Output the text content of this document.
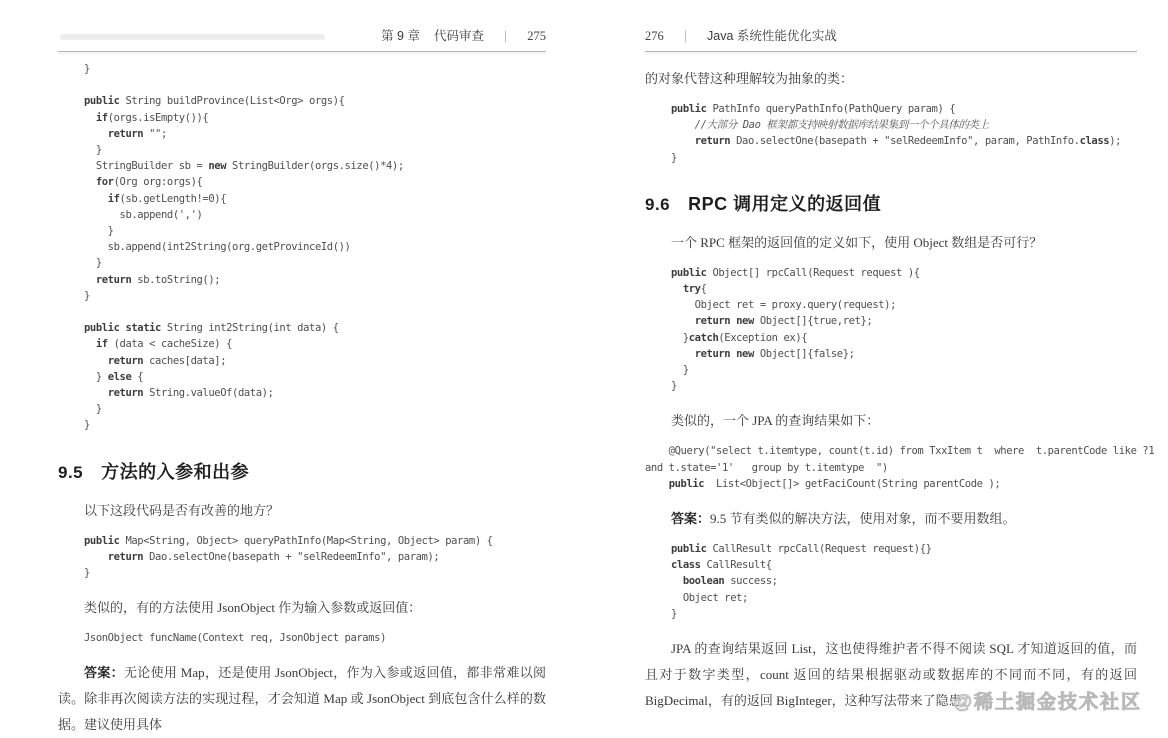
第 9 章 代码审查 | 275
}

public String buildProvince(List<Org> orgs){
if(orgs.isEmpty()){
return "";
}
StringBuilder sb = new StringBuilder(orgs.size()*4);
for(Org org:orgs){
if(sb.getLength!=0){
sb.append(',')
}
sb.append(int2String(org.getProvinceId())
}
return sb.toString();
}

public static String int2String(int data) {
if (data < cacheSize) {
return caches[data];
} else {
return String.valueOf(data);
}
}
9.5 方法的入参和出参

以下这段代码是否有改善的地方？

public Map<String, Object> queryPathInfo(Map<String, Object> param) {
return Dao.selectOne(basepath + "selRedeemInfo", param);
}

类似的，有的方法使用 JsonObject 作为输入参数或返回值：

JsonObject funcName(Context req, JsonObject params)

答案：无论使用 Map，还是使用 JsonObject，作为入参或返回值，都非常难以阅读。除非再次阅读方法的实现过程，才会知道 Map 或 JsonObject 到底包含什么样的数据。建议使用具体

276 | Java 系统性能优化实战

的对象代替这种理解较为抽象的类：

public PathInfo queryPathInfo(PathQuery param) {
//大部分 Dao 框架都支持映射数据库结果集到一个个具体的类上
return Dao.selectOne(basepath + "selRedeemInfo", param, PathInfo.class);
}
9.6 RPC 调用定义的返回值

一个 RPC 框架的返回值的定义如下，使用 Object 数组是否可行？

public Object[] rpcCall(Request request ){
try{
Object ret = proxy.query(request);
return new Object[]{true,ret};
}catch(Exception ex){
return new Object[]{false};
}
}

类似的，一个 JPA 的查询结果如下：

@Query("select t.itemtype, count(t.id) from TxxItem t  where  t.parentCode like ?1
and t.state='1'   group by t.itemtype  ")
public  List<Object[]> getFaciCount(String parentCode );

答案：9.5 节有类似的解决方法，使用对象，而不要用数组。

public CallResult rpcCall(Request request){}
class CallResult{
boolean success;
Object ret;
}

JPA 的查询结果返回 List，这也使得维护者不得不阅读 SQL 才知道返回的值，而且对于数字类型，count 返回的结果根据驱动或数据库的不同而不同，有的返回 BigDecimal，有的返回 BigInteger，这种写法带来了隐患。

@稀土掘金技术社区
